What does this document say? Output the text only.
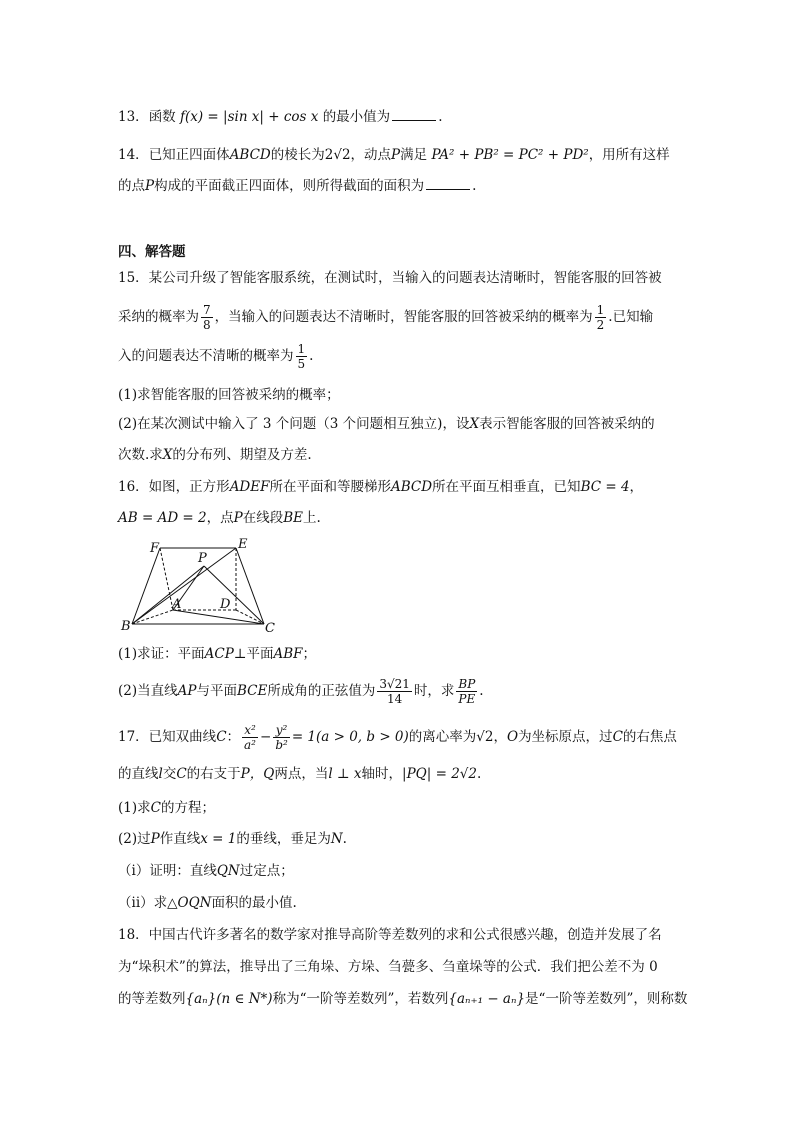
13．函数 f(x) = |sin x| + cos x 的最小值为	.
14．已知正四面体ABCD的棱长为2√2，动点P满足 PA² + PB² = PC² + PD²，用所有这样
的点P构成的平面截正四面体，则所得截面的面积为	.
四、解答题
15．某公司升级了智能客服系统，在测试时，当输入的问题表达清晰时，智能客服的回答被
采纳的概率为 $\frac{7}{8}$ ，当输入的问题表达不清晰时，智能客服的回答被采纳的概率为 $\frac{1}{2}$ .已知输
入的问题表达不清晰的概率为 $\frac{1}{5}$ .
(1)求智能客服的回答被采纳的概率；
(2)在某次测试中输入了 3 个问题（3 个问题相互独立)，设X表示智能客服的回答被采纳的
次数.求X的分布列、期望及方差.
16．如图，正方形ADEF所在平面和等腰梯形ABCD所在平面互相垂直，已知BC = 4，
AB = AD = 2，点P在线段BE上.
F	E
P
A	D
B	C
(1)求证：平面ACP⊥平面ABF；
(2)当直线AP与平面BCE所成角的正弦值为 $\frac{3√21}{14}$ 时，求 $\frac{BP}{PE}$ .
17．已知双曲线C： $\frac{\text{x²}}{\text{a²}} - \frac{\text{y²}}{\text{b²}} = 1(a > 0$, b > 0)的离心率为√2，O为坐标原点，过C的右焦点
的直线l交C的右支于P，Q两点，当l ⊥ x轴时，|PQ| = 2√2.
(1)求C的方程；
(2)过P作直线x = 1的垂线，垂足为N.
（i）证明：直线QN过定点；
（ii）求△OQN面积的最小值.
18．中国古代许多著名的数学家对推导高阶等差数列的求和公式很感兴趣，创造并发展了名
为“垛积术”的算法，推导出了三角垛、方垛、刍甍多、刍童垛等的公式．我们把公差不为 0
的等差数列{aₙ}(n ∈ N*)称为“一阶等差数列”，若数列{aₙ₊₁ − aₙ}是“一阶等差数列”，则称数
